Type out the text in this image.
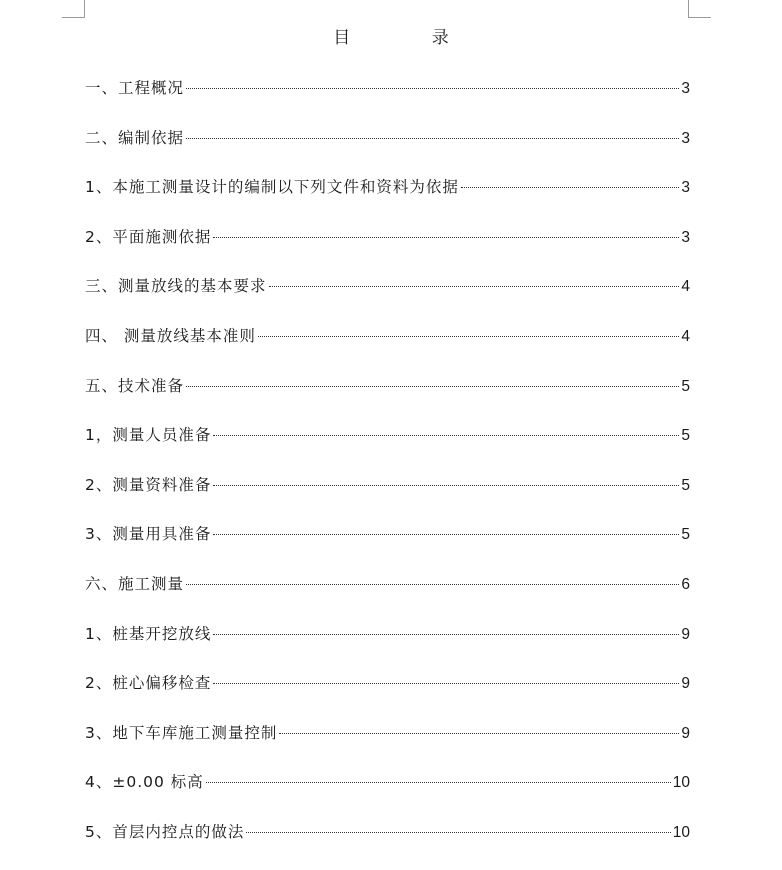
目 录
一、工程概况	3
二、编制依据	3
1、本施工测量设计的编制以下列文件和资料为依据	3
2、平面施测依据	3
三、测量放线的基本要求	4
四、 测量放线基本准则	4
五、技术准备	5
1，测量人员准备	5
2、测量资料准备	5
3、测量用具准备	5
六、施工测量	6
1、桩基开挖放线	9
2、桩心偏移检查	9
3、地下车库施工测量控制	9
4、±0.00 标高	10
5、首层内控点的做法	10
